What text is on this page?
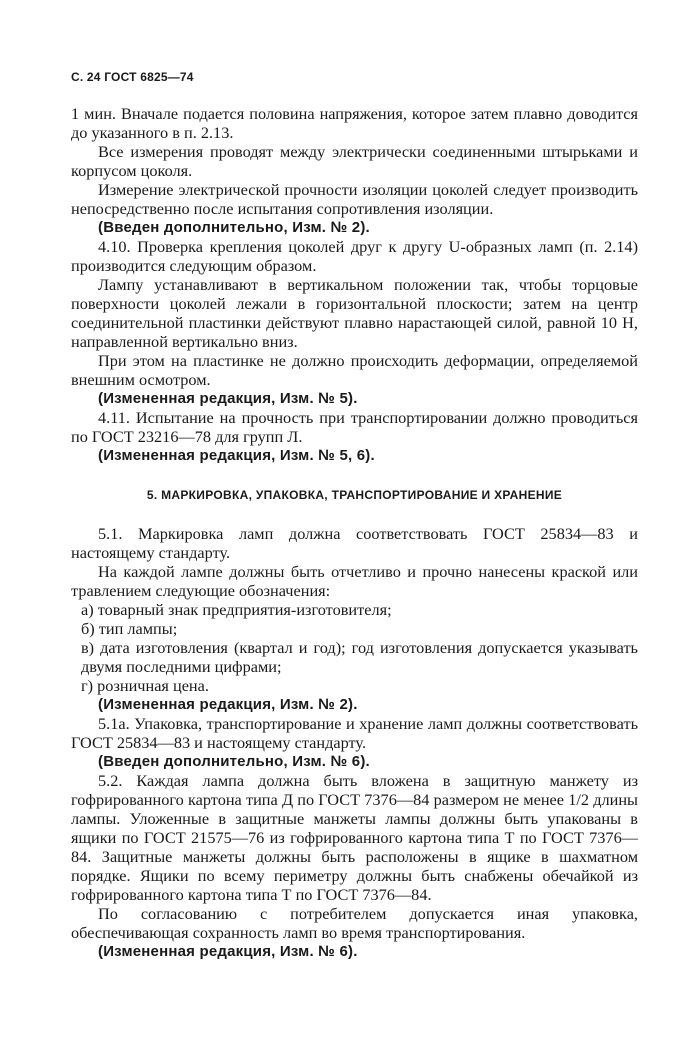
С. 24 ГОСТ 6825—74

1 мин. Вначале подается половина напряжения, которое затем плавно доводится до указанного в п. 2.13.

Все измерения проводят между электрически соединенными штырьками и корпусом цоколя.

Измерение электрической прочности изоляции цоколей следует производить непосредственно после испытания сопротивления изоляции.

(Введен дополнительно, Изм. № 2).

4.10. Проверка крепления цоколей друг к другу U-образных ламп (п. 2.14) производится следующим образом.

Лампу устанавливают в вертикальном положении так, чтобы торцовые поверхности цоколей лежали в горизонтальной плоскости; затем на центр соединительной пластинки действуют плавно нарастающей силой, равной 10 Н, направленной вертикально вниз.

При этом на пластинке не должно происходить деформации, определяемой внешним осмотром.

(Измененная редакция, Изм. № 5).

4.11. Испытание на прочность при транспортировании должно проводиться по ГОСТ 23216—78 для групп Л.

(Измененная редакция, Изм. № 5, 6).

5. МАРКИРОВКА, УПАКОВКА, ТРАНСПОРТИРОВАНИЕ И ХРАНЕНИЕ

5.1. Маркировка ламп должна соответствовать ГОСТ 25834—83 и настоящему стандарту.

На каждой лампе должны быть отчетливо и прочно нанесены краской или травлением следующие обозначения:

а) товарный знак предприятия-изготовителя;

б) тип лампы;

в) дата изготовления (квартал и год); год изготовления допускается указывать двумя последними цифрами;

г) розничная цена.

(Измененная редакция, Изм. № 2).

5.1а. Упаковка, транспортирование и хранение ламп должны соответствовать ГОСТ 25834—83 и настоящему стандарту.

(Введен дополнительно, Изм. № 6).

5.2. Каждая лампа должна быть вложена в защитную манжету из гофрированного картона типа Д по ГОСТ 7376—84 размером не менее 1/2 длины лампы. Уложенные в защитные манжеты лампы должны быть упакованы в ящики по ГОСТ 21575—76 из гофрированного картона типа Т по ГОСТ 7376—84. Защитные манжеты должны быть расположены в ящике в шахматном порядке. Ящики по всему периметру должны быть снабжены обечайкой из гофрированного картона типа Т по ГОСТ 7376—84.

По согласованию с потребителем допускается иная упаковка, обеспечивающая сохранность ламп во время транспортирования.

(Измененная редакция, Изм. № 6).
